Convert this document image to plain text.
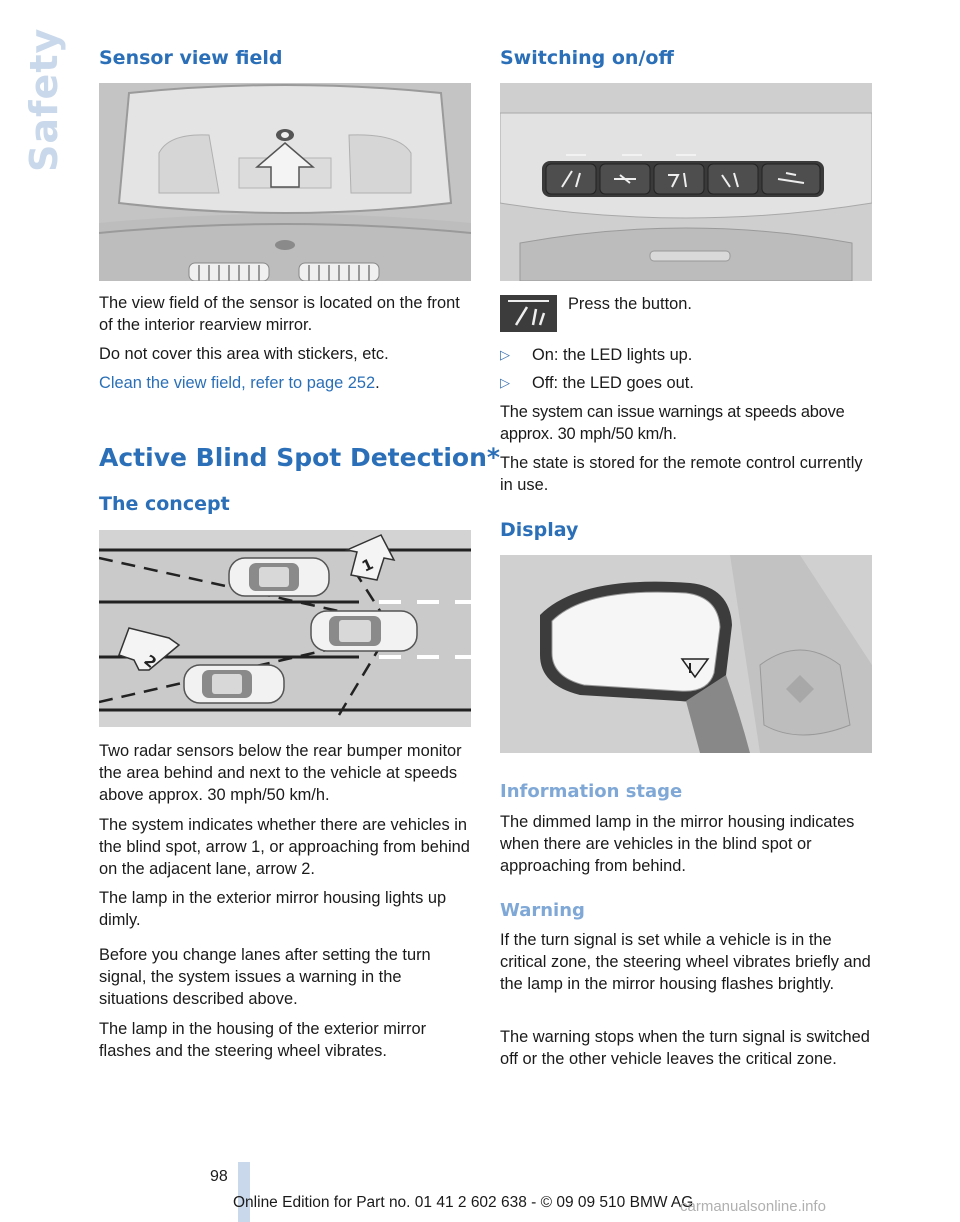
Safety Sensor view field

The view field of the sensor is located on the front of the interior rearview mirror.

Do not cover this area with stickers, etc.

Clean the view field, refer to page 252.

Active Blind Spot Detection*
The concept
1
2

Two radar sensors below the rear bumper monitor the area behind and next to the vehicle at speeds above approx. 30 mph/50 km/h.

The system indicates whether there are vehicles in the blind spot, arrow 1, or approaching from behind on the adjacent lane, arrow 2.

The lamp in the exterior mirror housing lights up dimly.

Before you change lanes after setting the turn signal, the system issues a warning in the situations described above.

The lamp in the housing of the exterior mirror flashes and the steering wheel vibrates.

Switching on/off

Press the button.

▷	On: the LED lights up.
▷	Off: the LED goes out.

The system can issue warnings at speeds above approx. 30 mph/50 km/h.

The state is stored for the remote control currently in use.

Display
Information stage

The dimmed lamp in the mirror housing indicates when there are vehicles in the blind spot or approaching from behind.

Warning

If the turn signal is set while a vehicle is in the critical zone, the steering wheel vibrates briefly and the lamp in the mirror housing flashes brightly.

The warning stops when the turn signal is switched off or the other vehicle leaves the critical zone.

98
Online Edition for Part no. 01 41 2 602 638 - © 09 09 510 BMW AG
carmanualsonline.info
